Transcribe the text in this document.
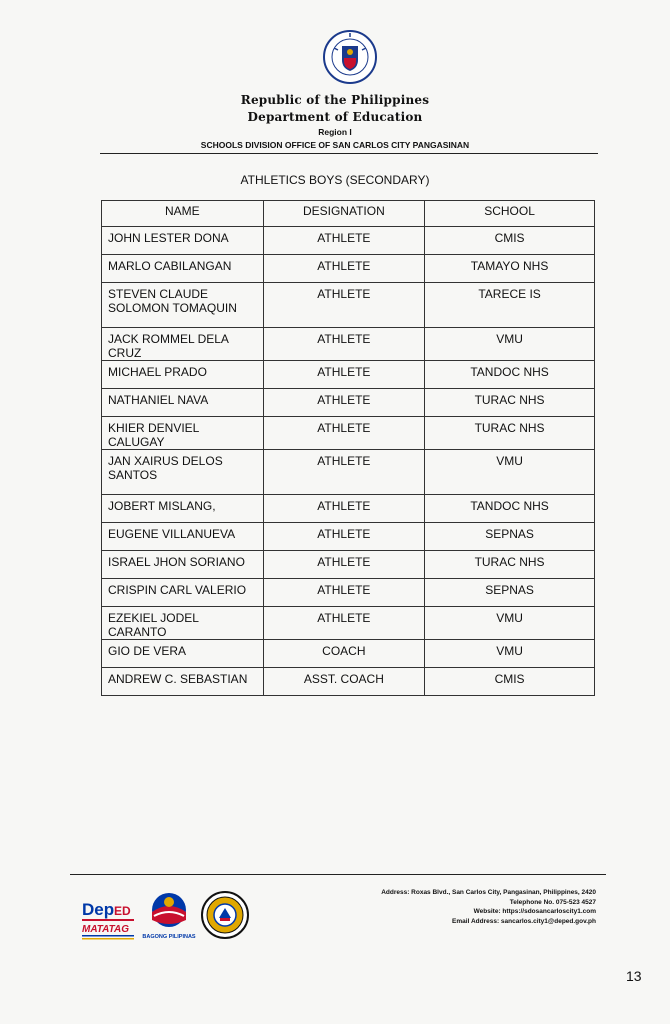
Republic of the Philippines
Department of Education
Region I
SCHOOLS DIVISION OFFICE OF SAN CARLOS CITY PANGASINAN
ATHLETICS BOYS (SECONDARY)
NAME	DESIGNATION	SCHOOL
JOHN LESTER DONA	ATHLETE	CMIS
MARLO CABILANGAN	ATHLETE	TAMAYO NHS
STEVEN CLAUDE SOLOMON TOMAQUIN	ATHLETE	TARECE IS
JACK ROMMEL DELA CRUZ	ATHLETE	VMU
MICHAEL PRADO	ATHLETE	TANDOC NHS
NATHANIEL NAVA	ATHLETE	TURAC NHS
KHIER DENVIEL CALUGAY	ATHLETE	TURAC NHS
JAN XAIRUS DELOS SANTOS	ATHLETE	VMU
JOBERT MISLANG,	ATHLETE	TANDOC NHS
EUGENE VILLANUEVA	ATHLETE	SEPNAS
ISRAEL JHON SORIANO	ATHLETE	TURAC NHS
CRISPIN CARL VALERIO	ATHLETE	SEPNAS
EZEKIEL JODEL CARANTO	ATHLETE	VMU
GIO DE VERA	COACH	VMU
ANDREW C. SEBASTIAN	ASST. COACH	CMIS
Dep ED
MATATAG
BAGONG PILIPINAS
Address: Roxas Blvd., San Carlos City, Pangasinan, Philippines, 2420
Telephone No. 075-523 4527
Website: https://sdosancarloscity1.com
Email Address: sancarlos.city1@deped.gov.ph
13
